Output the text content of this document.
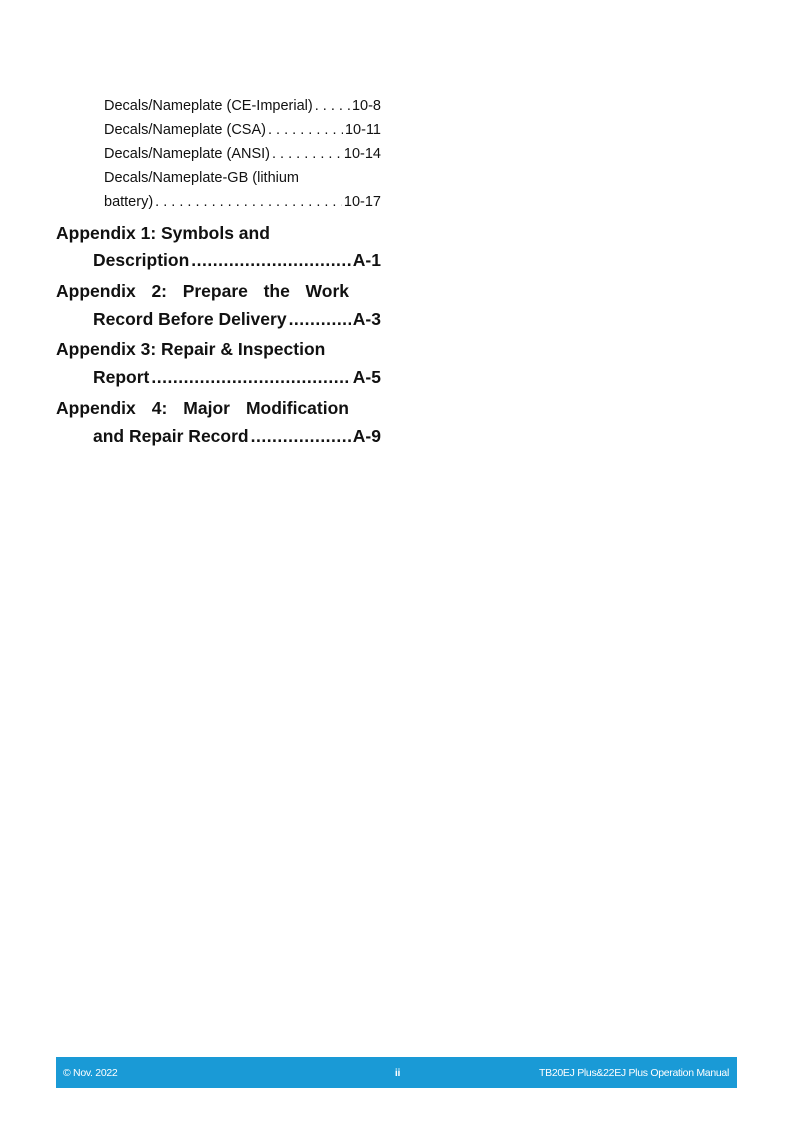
Decals/Nameplate (CE-Imperial) . . .	10-8
Decals/Nameplate (CSA) . . .	10-11
Decals/Nameplate (ANSI) . . .	10-14
Decals/Nameplate-GB (lithium
battery) . . .	10-17
Appendix 1: Symbols and
Description .....	A-1
Appendix 2: Prepare the Work
Record Before Delivery .....	A-3
Appendix 3: Repair & Inspection
Report .....	A-5
Appendix 4: Major Modification
and Repair Record .....	A-9
© Nov. 2022	ii	TB20EJ Plus&22EJ Plus Operation Manual
